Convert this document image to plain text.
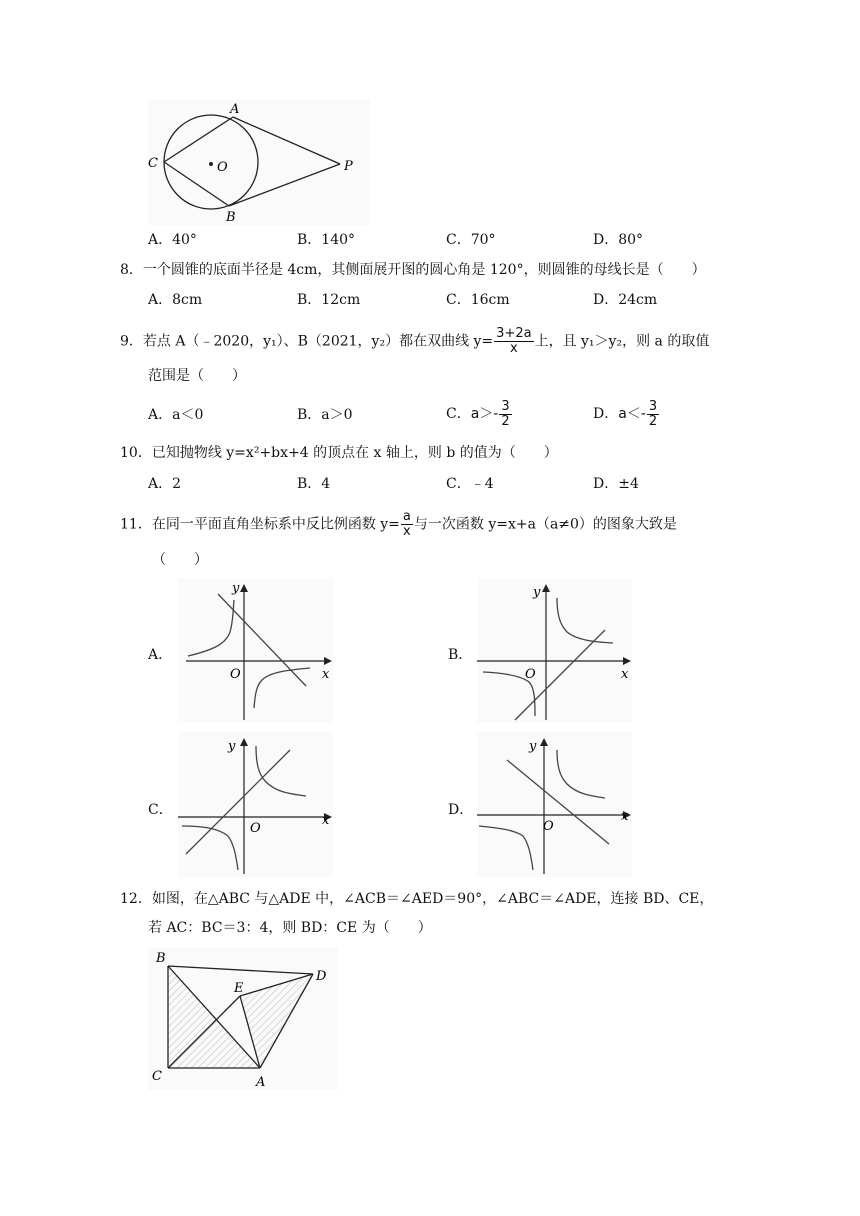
A
C	O	P
B
A．40°	B．140°	C．70°	D．80°
8．一个圆锥的底面半径是 4cm，其侧面展开图的圆心角是 120°，则圆锥的母线长是（　　）
A．8cm	B．12cm	C．16cm	D．24cm
9．若点 A（﹣2020，y₁）、B（2021，y₂）都在双曲线 $y= \frac{3+2a}{x}$ 上，且 y₁＞y₂，则 a 的取值
范围是（　　）
A．a＜0	B．a＞0	C．$a>- \frac{3}{2}$	D．$a<- \frac{3}{2}$
10．已知抛物线 y=x²+bx+4 的顶点在 x 轴上，则 b 的值为（　　）
A．2	B．4	C．﹣4	D．±4
11．在同一平面直角坐标系中反比例函数 $y= \frac{a}{x}$ 与一次函数 y=x+a（a≠0）的图象大致是
（　　）
A．	B．
C．	D．
y
x
O
y
x
O
y
x
O
y
x
O
12．如图，在△ABC 与△ADE 中，∠ACB＝∠AED＝90°，∠ABC＝∠ADE，连接 BD、CE，
若 AC：BC＝3：4，则 BD：CE 为（　　）
B
D
E
C	A
